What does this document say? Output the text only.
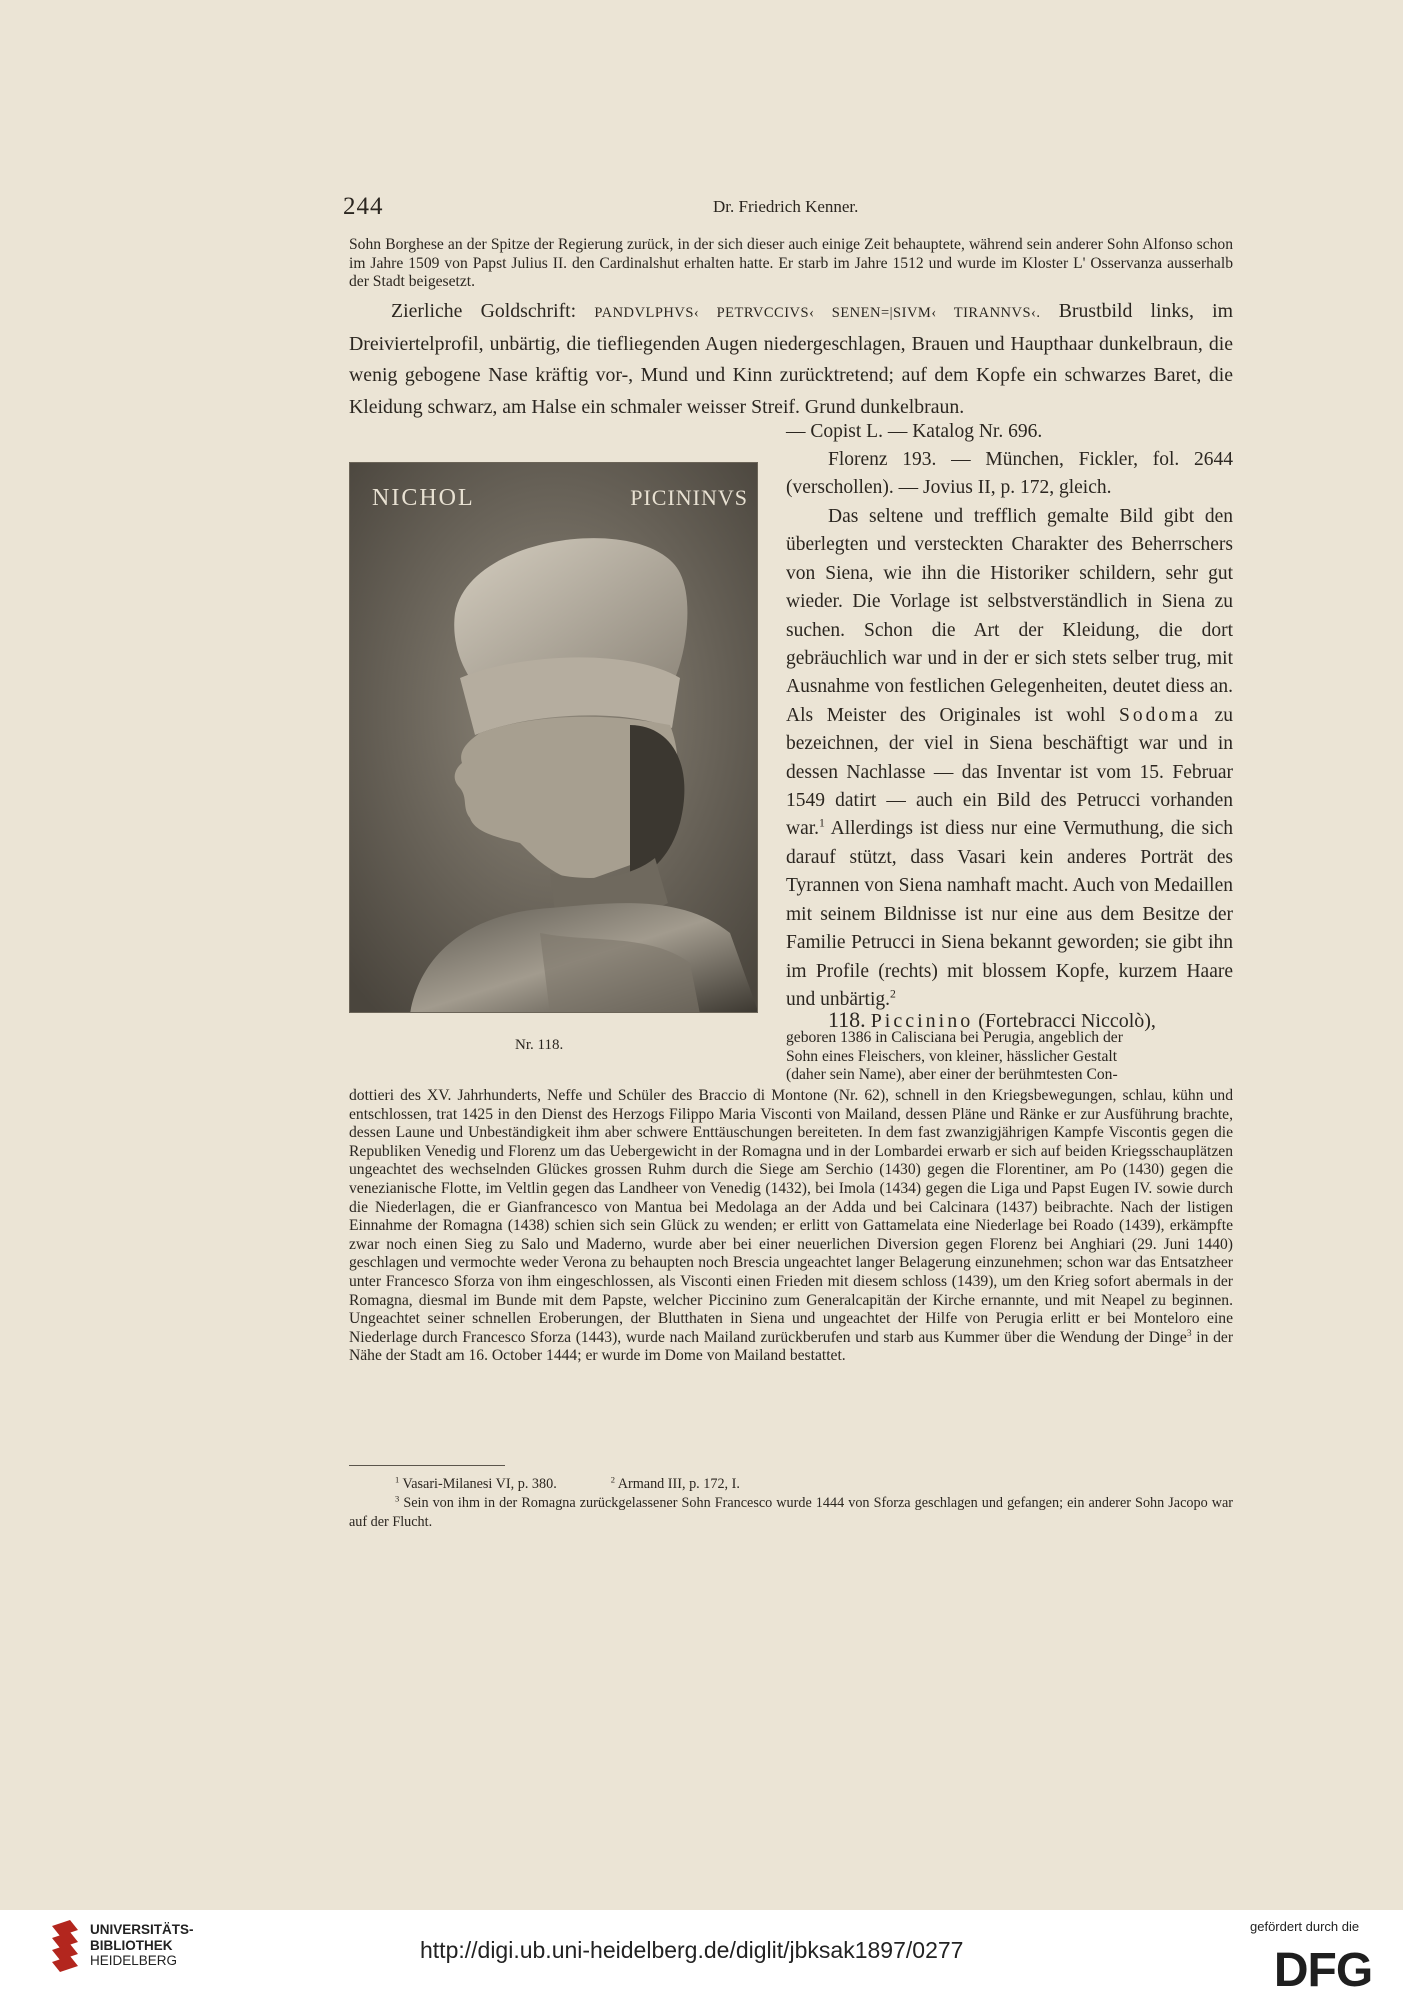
244	Dr. Friedrich Kenner.

Sohn Borghese an der Spitze der Regierung zurück, in der sich dieser auch einige Zeit behauptete, während sein anderer Sohn Alfonso schon im Jahre 1509 von Papst Julius II. den Cardinalshut erhalten hatte. Er starb im Jahre 1512 und wurde im Kloster L' Osservanza ausserhalb der Stadt beigesetzt.

Zierliche Goldschrift: PANDVLPHVS‹ PETRVCCIVS‹ SENEN=|SIVM‹ TIRANNVS‹. Brustbild links, im Dreiviertelprofil, unbärtig, die tiefliegenden Augen niedergeschlagen, Brauen und Haupthaar dunkelbraun, die wenig gebogene Nase kräftig vor-, Mund und Kinn zurücktretend; auf dem Kopfe ein schwarzes Baret, die Kleidung schwarz, am Halse ein schmaler weisser Streif. Grund dunkelbraun.

— Copist L. — Katalog Nr. 696.
Florenz 193. — München, Fickler, fol. 2644 (verschollen). — Jovius II, p. 172, gleich.

Das seltene und trefflich gemalte Bild gibt den überlegten und versteckten Charakter des Beherrschers von Siena, wie ihn die Historiker schildern, sehr gut wieder. Die Vorlage ist selbstverständlich in Siena zu suchen. Schon die Art der Kleidung, die dort gebräuchlich war und in der er sich stets selber trug, mit Ausnahme von festlichen Gelegenheiten, deutet diess an. Als Meister des Originales ist wohl Sodoma zu bezeichnen, der viel in Siena beschäftigt war und in dessen Nachlasse — das Inventar ist vom 15. Februar 1549 datirt — auch ein Bild des Petrucci vorhanden war.$^1$ Allerdings ist diess nur eine Vermuthung, die sich darauf stützt, dass Vasari kein anderes Porträt des Tyrannen von Siena namhaft macht. Auch von Medaillen mit seinem Bildnisse ist nur eine aus dem Besitze der Familie Petrucci in Siena bekannt geworden; sie gibt ihn im Profile (rechts) mit blossem Kopfe, kurzem Haare und unbärtig.$^2$

NICHOL	PICININVS
Nr. 118.
118. Piccinino (Fortebracci Niccolò),
geboren 1386 in Calisciana bei Perugia, angeblich der
Sohn eines Fleischers, von kleiner, hässlicher Gestalt
(daher sein Name), aber einer der berühmtesten Con-

dottieri des XV. Jahrhunderts, Neffe und Schüler des Braccio di Montone (Nr. 62), schnell in den Kriegsbewegungen, schlau, kühn und entschlossen, trat 1425 in den Dienst des Herzogs Filippo Maria Visconti von Mailand, dessen Pläne und Ränke er zur Ausführung brachte, dessen Laune und Unbeständigkeit ihm aber schwere Enttäuschungen bereiteten. In dem fast zwanzigjährigen Kampfe Viscontis gegen die Republiken Venedig und Florenz um das Uebergewicht in der Romagna und in der Lombardei erwarb er sich auf beiden Kriegsschauplätzen ungeachtet des wechselnden Glückes grossen Ruhm durch die Siege am Serchio (1430) gegen die Florentiner, am Po (1430) gegen die venezianische Flotte, im Veltlin gegen das Landheer von Venedig (1432), bei Imola (1434) gegen die Liga und Papst Eugen IV. sowie durch die Niederlagen, die er Gianfrancesco von Mantua bei Medolaga an der Adda und bei Calcinara (1437) beibrachte. Nach der listigen Einnahme der Romagna (1438) schien sich sein Glück zu wenden; er erlitt von Gattamelata eine Niederlage bei Roado (1439), erkämpfte zwar noch einen Sieg zu Salo und Maderno, wurde aber bei einer neuerlichen Diversion gegen Florenz bei Anghiari (29. Juni 1440) geschlagen und vermochte weder Verona zu behaupten noch Brescia ungeachtet langer Belagerung einzunehmen; schon war das Entsatzheer unter Francesco Sforza von ihm eingeschlossen, als Visconti einen Frieden mit diesem schloss (1439), um den Krieg sofort abermals in der Romagna, diesmal im Bunde mit dem Papste, welcher Piccinino zum Generalcapitän der Kirche ernannte, und mit Neapel zu beginnen. Ungeachtet seiner schnellen Eroberungen, der Blutthaten in Siena und ungeachtet der Hilfe von Perugia erlitt er bei Monteloro eine Niederlage durch Francesco Sforza (1443), wurde nach Mailand zurückberufen und starb aus Kummer über die Wendung der Dinge$^3$ in der Nähe der Stadt am 16. October 1444; er wurde im Dome von Mailand bestattet.

$^1$ Vasari-Milanesi VI, p. 380.	$^2$ Armand III, p. 172, I.
$^3$ Sein von ihm in der Romagna zurückgelassener Sohn Francesco wurde 1444 von Sforza geschlagen und gefangen; ein anderer Sohn Jacopo war auf der Flucht.
UNIVERSITÄTS-
BIBLIOTHEK
HEIDELBERG	http://digi.ub.uni-heidelberg.de/diglit/jbksak1897/0277
gefördert durch die
DFG
